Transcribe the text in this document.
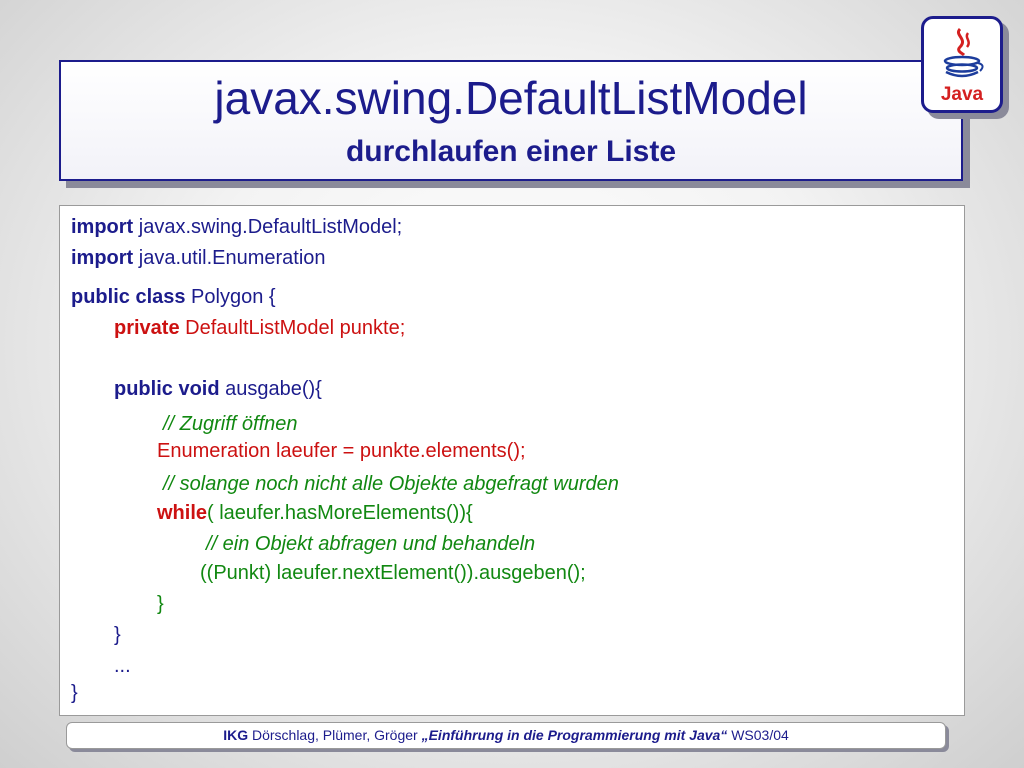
javax.swing.DefaultListModel
durchlaufen einer Liste
Java
import javax.swing.DefaultListModel;
import java.util.Enumeration
public class Polygon {
private DefaultListModel punkte;
public void ausgabe(){
// Zugriff öffnen
Enumeration laeufer = punkte.elements();
// solange noch nicht alle Objekte abgefragt wurden
while( laeufer.hasMoreElements()){
// ein Objekt abfragen und behandeln
((Punkt) laeufer.nextElement()).ausgeben();
}
}
...
}
IKG Dörschlag, Plümer, Gröger „Einführung in die Programmierung mit Java“ WS03/04
